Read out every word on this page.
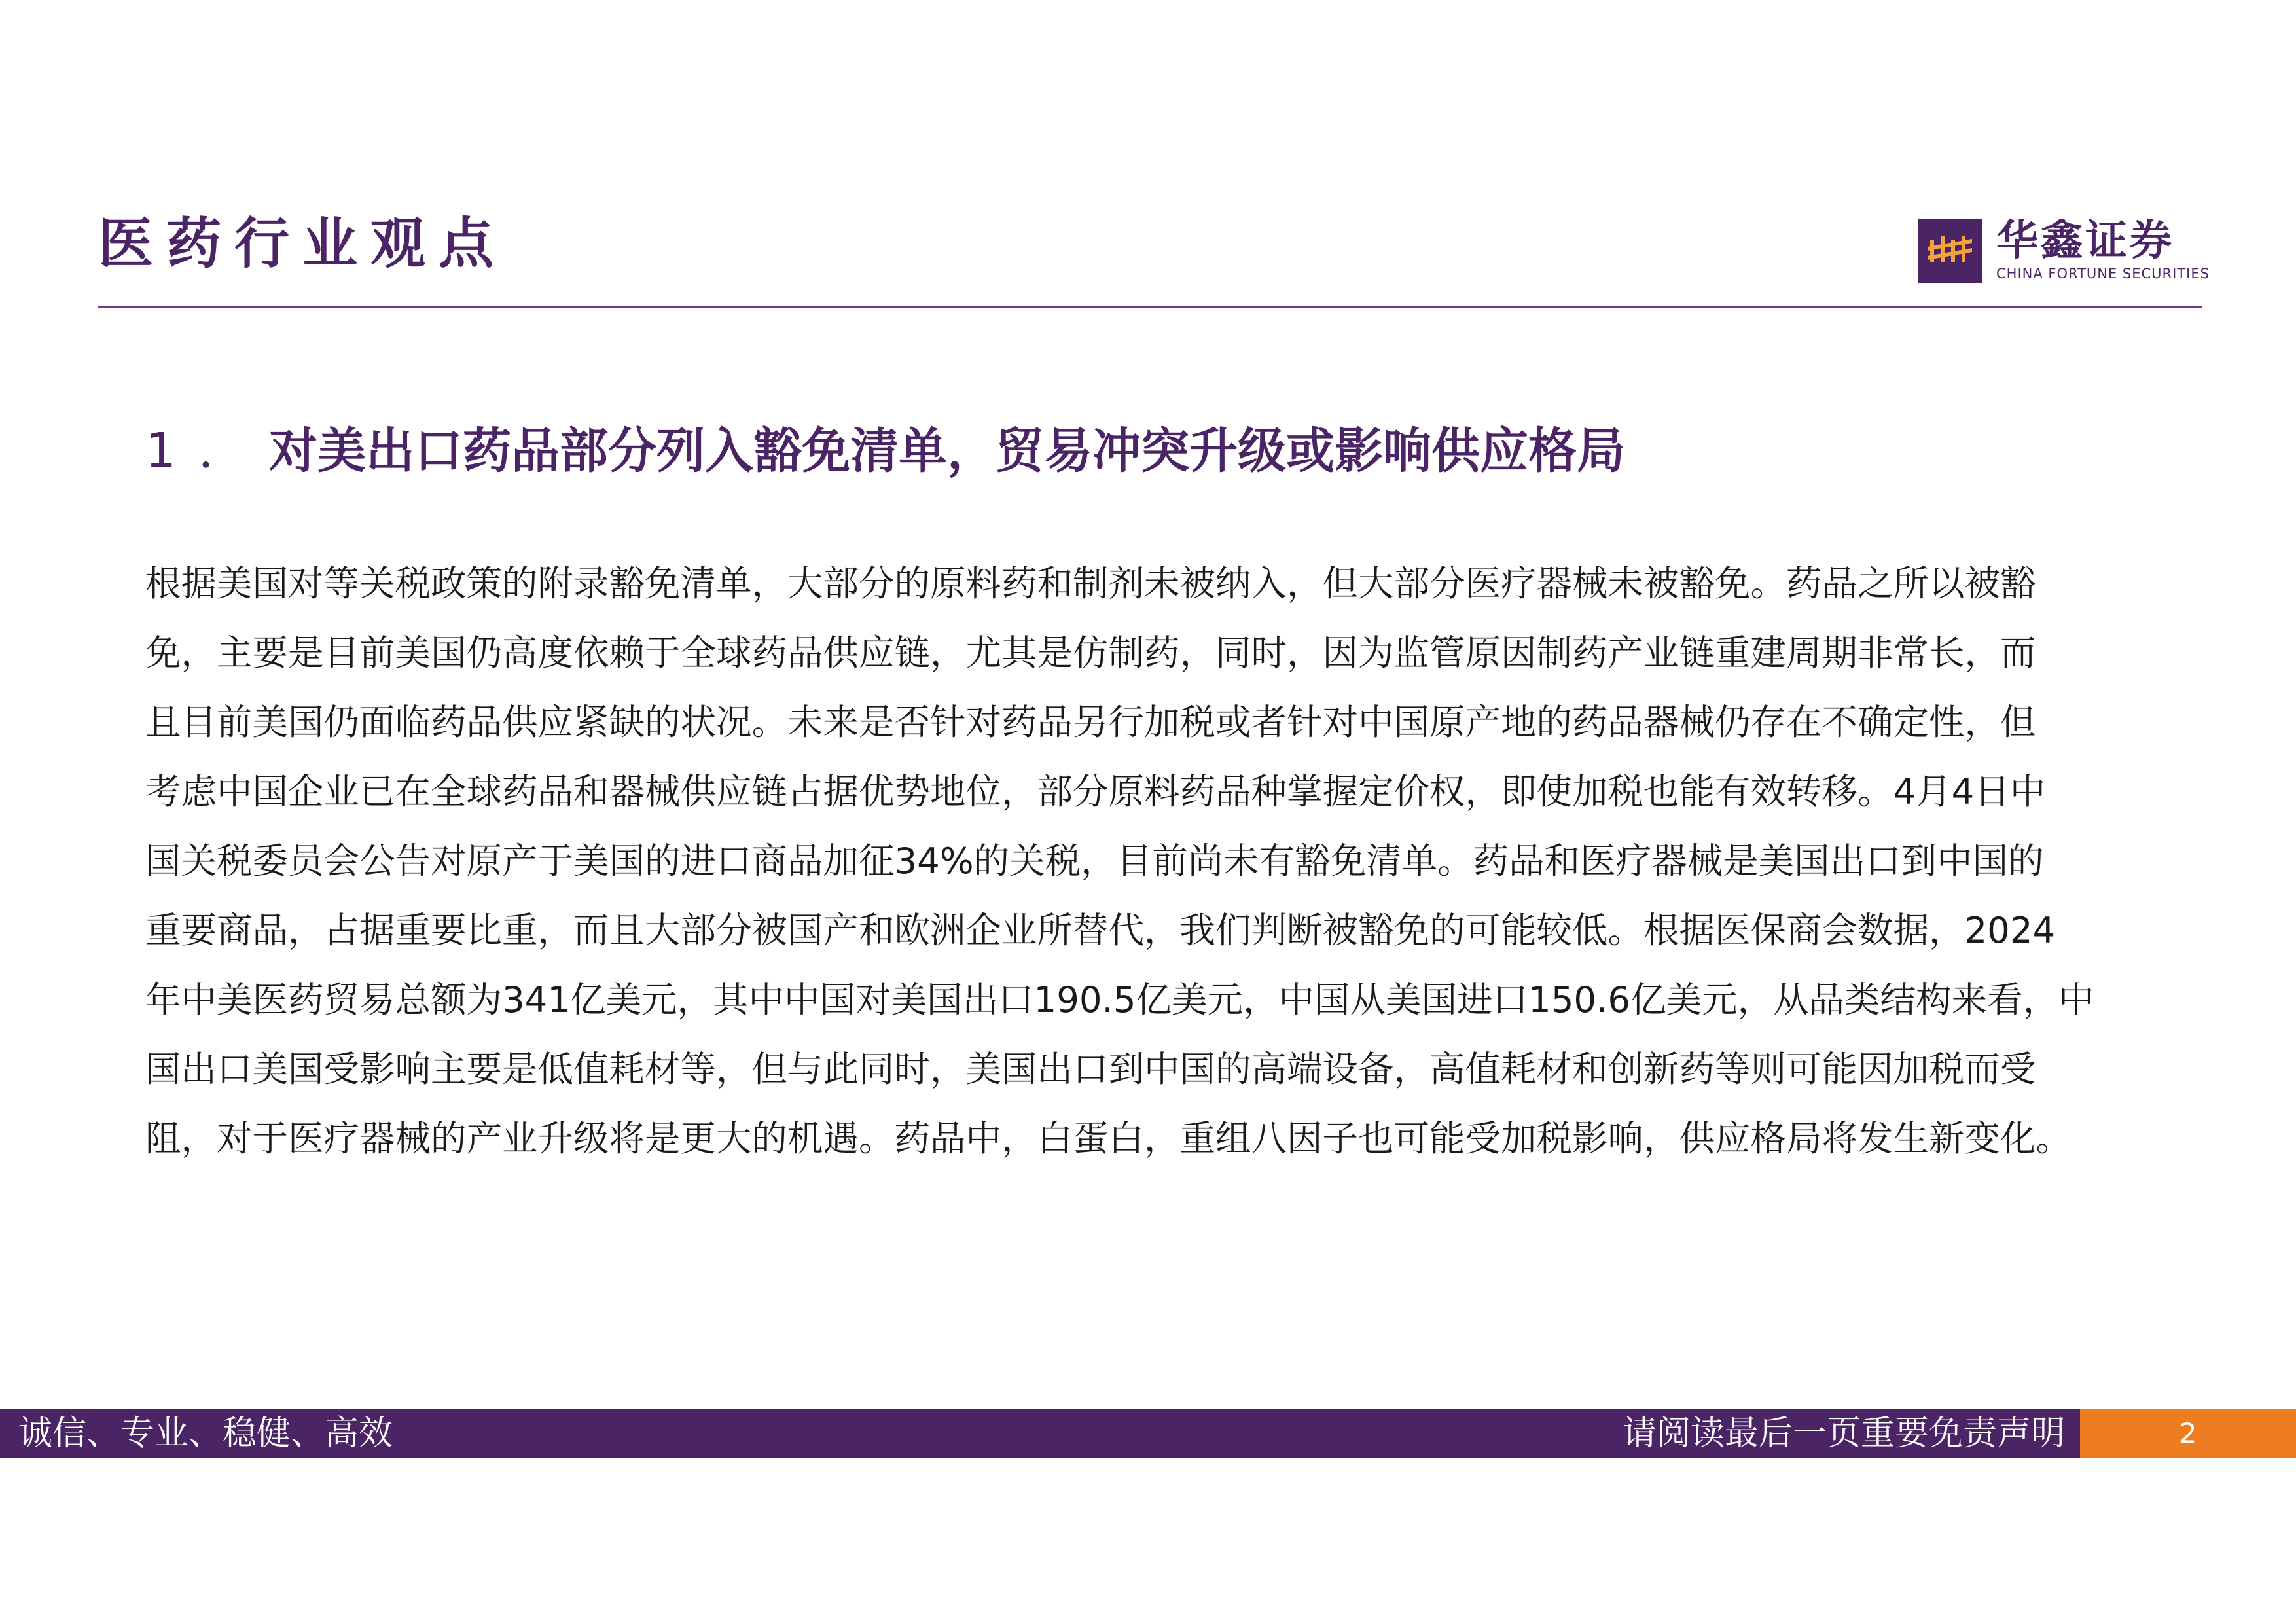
医药行业观点	华鑫证券
CHINA FORTUNE SECURITIES
1．对美出口药品部分列入豁免清单，贸易冲突升级或影响供应格局
根据美国对等关税政策的附录豁免清单，大部分的原料药和制剂未被纳入，但大部分医疗器械未被豁免。药品之所以被豁
免，主要是目前美国仍高度依赖于全球药品供应链，尤其是仿制药，同时，因为监管原因制药产业链重建周期非常长，而
且目前美国仍面临药品供应紧缺的状况。未来是否针对药品另行加税或者针对中国原产地的药品器械仍存在不确定性，但
考虑中国企业已在全球药品和器械供应链占据优势地位，部分原料药品种掌握定价权，即使加税也能有效转移。4月4日中
国关税委员会公告对原产于美国的进口商品加征34%的关税，目前尚未有豁免清单。药品和医疗器械是美国出口到中国的
重要商品，占据重要比重，而且大部分被国产和欧洲企业所替代，我们判断被豁免的可能较低。根据医保商会数据，2024
年中美医药贸易总额为341亿美元，其中中国对美国出口190.5亿美元，中国从美国进口150.6亿美元，从品类结构来看，中
国出口美国受影响主要是低值耗材等，但与此同时，美国出口到中国的高端设备，高值耗材和创新药等则可能因加税而受
阻，对于医疗器械的产业升级将是更大的机遇。药品中，白蛋白，重组八因子也可能受加税影响，供应格局将发生新变化。
诚信、专业、稳健、高效	请阅读最后一页重要免责声明	2
